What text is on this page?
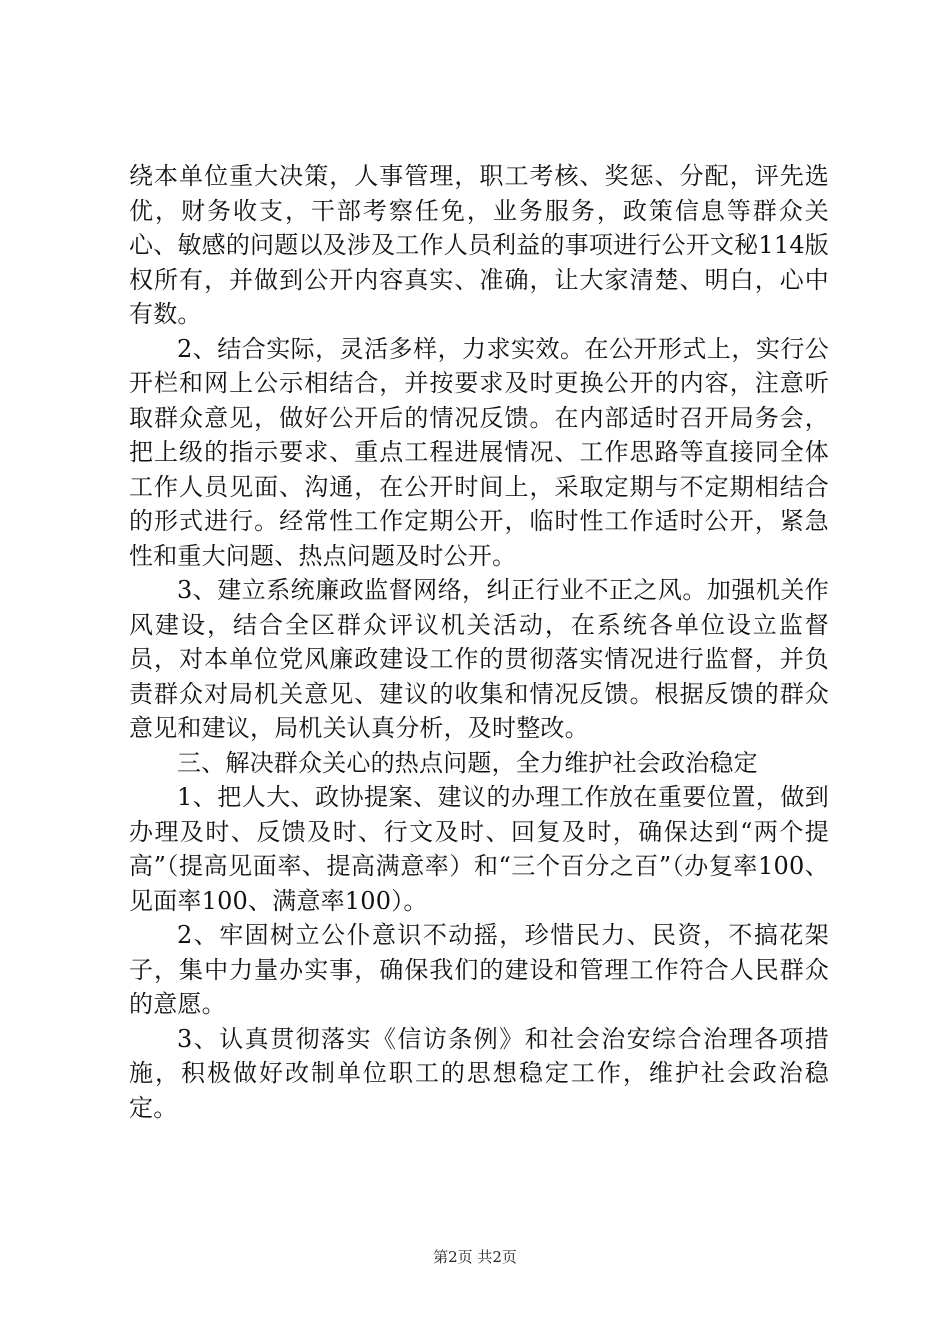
绕本单位重大决策，人事管理，职工考核、奖惩、分配，评先选优，财务收支，干部考察任免，业务服务，政策信息等群众关心、敏感的问题以及涉及工作人员利益的事项进行公开文秘114版权所有，并做到公开内容真实、准确，让大家清楚、明白，心中有数。

2、结合实际，灵活多样，力求实效。在公开形式上，实行公开栏和网上公示相结合，并按要求及时更换公开的内容，注意听取群众意见，做好公开后的情况反馈。在内部适时召开局务会，把上级的指示要求、重点工程进展情况、工作思路等直接同全体工作人员见面、沟通，在公开时间上，采取定期与不定期相结合的形式进行。经常性工作定期公开，临时性工作适时公开，紧急性和重大问题、热点问题及时公开。

3、建立系统廉政监督网络，纠正行业不正之风。加强机关作风建设，结合全区群众评议机关活动，在系统各单位设立监督员，对本单位党风廉政建设工作的贯彻落实情况进行监督，并负责群众对局机关意见、建议的收集和情况反馈。根据反馈的群众意见和建议，局机关认真分析，及时整改。

三、解决群众关心的热点问题，全力维护社会政治稳定

1、把人大、政协提案、建议的办理工作放在重要位置，做到办理及时、反馈及时、行文及时、回复及时，确保达到“两个提高”（提高见面率、提高满意率）和“三个百分之百”（办复率100、见面率100、满意率100）。

2、牢固树立公仆意识不动摇，珍惜民力、民资，不搞花架子，集中力量办实事，确保我们的建设和管理工作符合人民群众的意愿。

3、认真贯彻落实《信访条例》和社会治安综合治理各项措施，积极做好改制单位职工的思想稳定工作，维护社会政治稳定。

第2页 共2页
